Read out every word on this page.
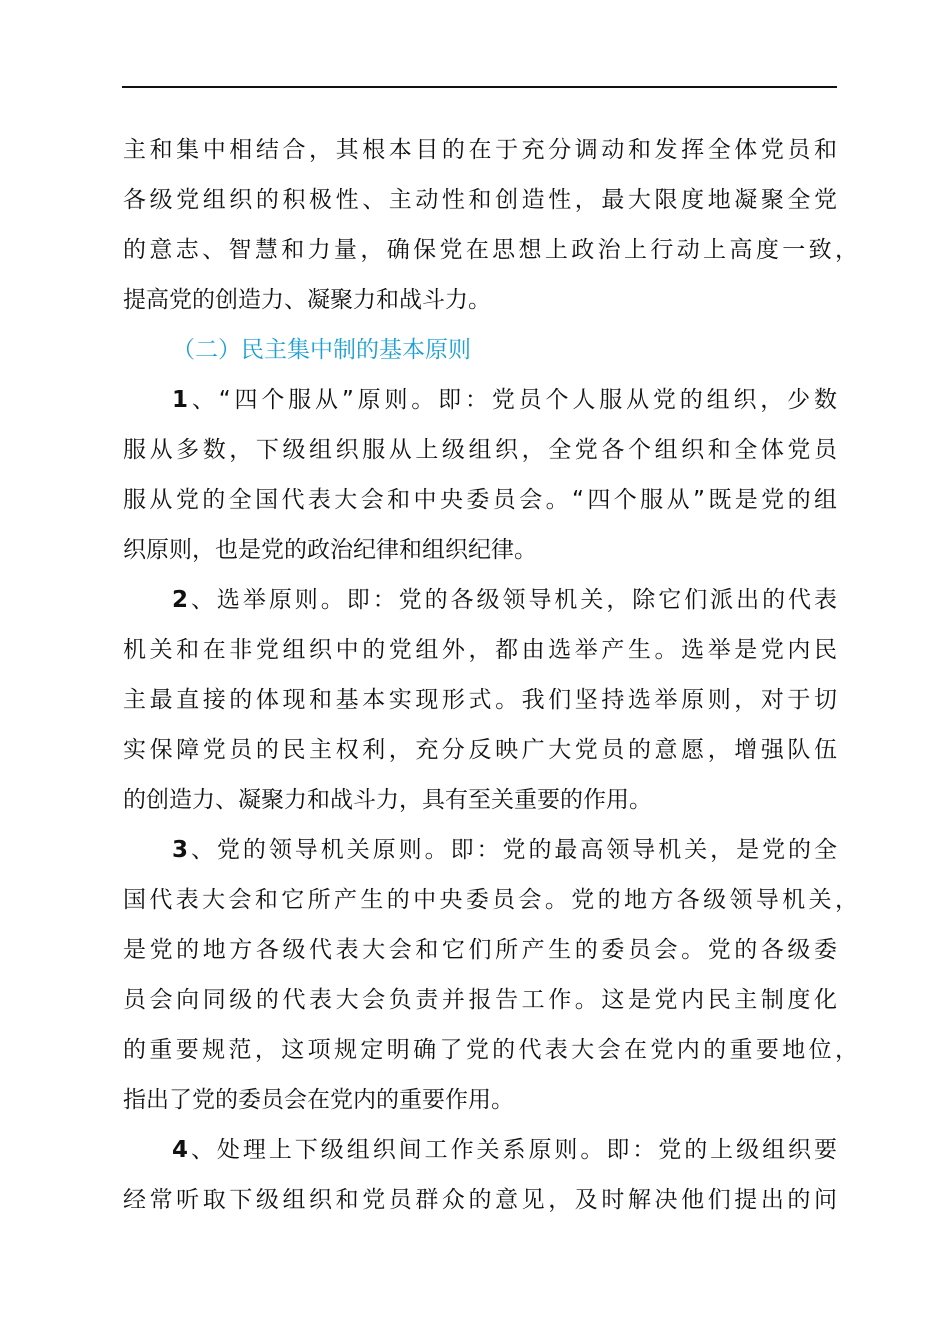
主和集中相结合，其根本目的在于充分调动和发挥全体党员和
各级党组织的积极性、主动性和创造性，最大限度地凝聚全党
的意志、智慧和力量，确保党在思想上政治上行动上高度一致，
提高党的创造力、凝聚力和战斗力。
（二）民主集中制的基本原则
1、“四个服从”原则。即：党员个人服从党的组织，少数
服从多数，下级组织服从上级组织，全党各个组织和全体党员
服从党的全国代表大会和中央委员会。“四个服从”既是党的组
织原则，也是党的政治纪律和组织纪律。
2、选举原则。即：党的各级领导机关，除它们派出的代表
机关和在非党组织中的党组外，都由选举产生。选举是党内民
主最直接的体现和基本实现形式。我们坚持选举原则，对于切
实保障党员的民主权利，充分反映广大党员的意愿，增强队伍
的创造力、凝聚力和战斗力，具有至关重要的作用。
3、党的领导机关原则。即：党的最高领导机关，是党的全
国代表大会和它所产生的中央委员会。党的地方各级领导机关，
是党的地方各级代表大会和它们所产生的委员会。党的各级委
员会向同级的代表大会负责并报告工作。这是党内民主制度化
的重要规范，这项规定明确了党的代表大会在党内的重要地位，
指出了党的委员会在党内的重要作用。
4、处理上下级组织间工作关系原则。即：党的上级组织要
经常听取下级组织和党员群众的意见，及时解决他们提出的问
